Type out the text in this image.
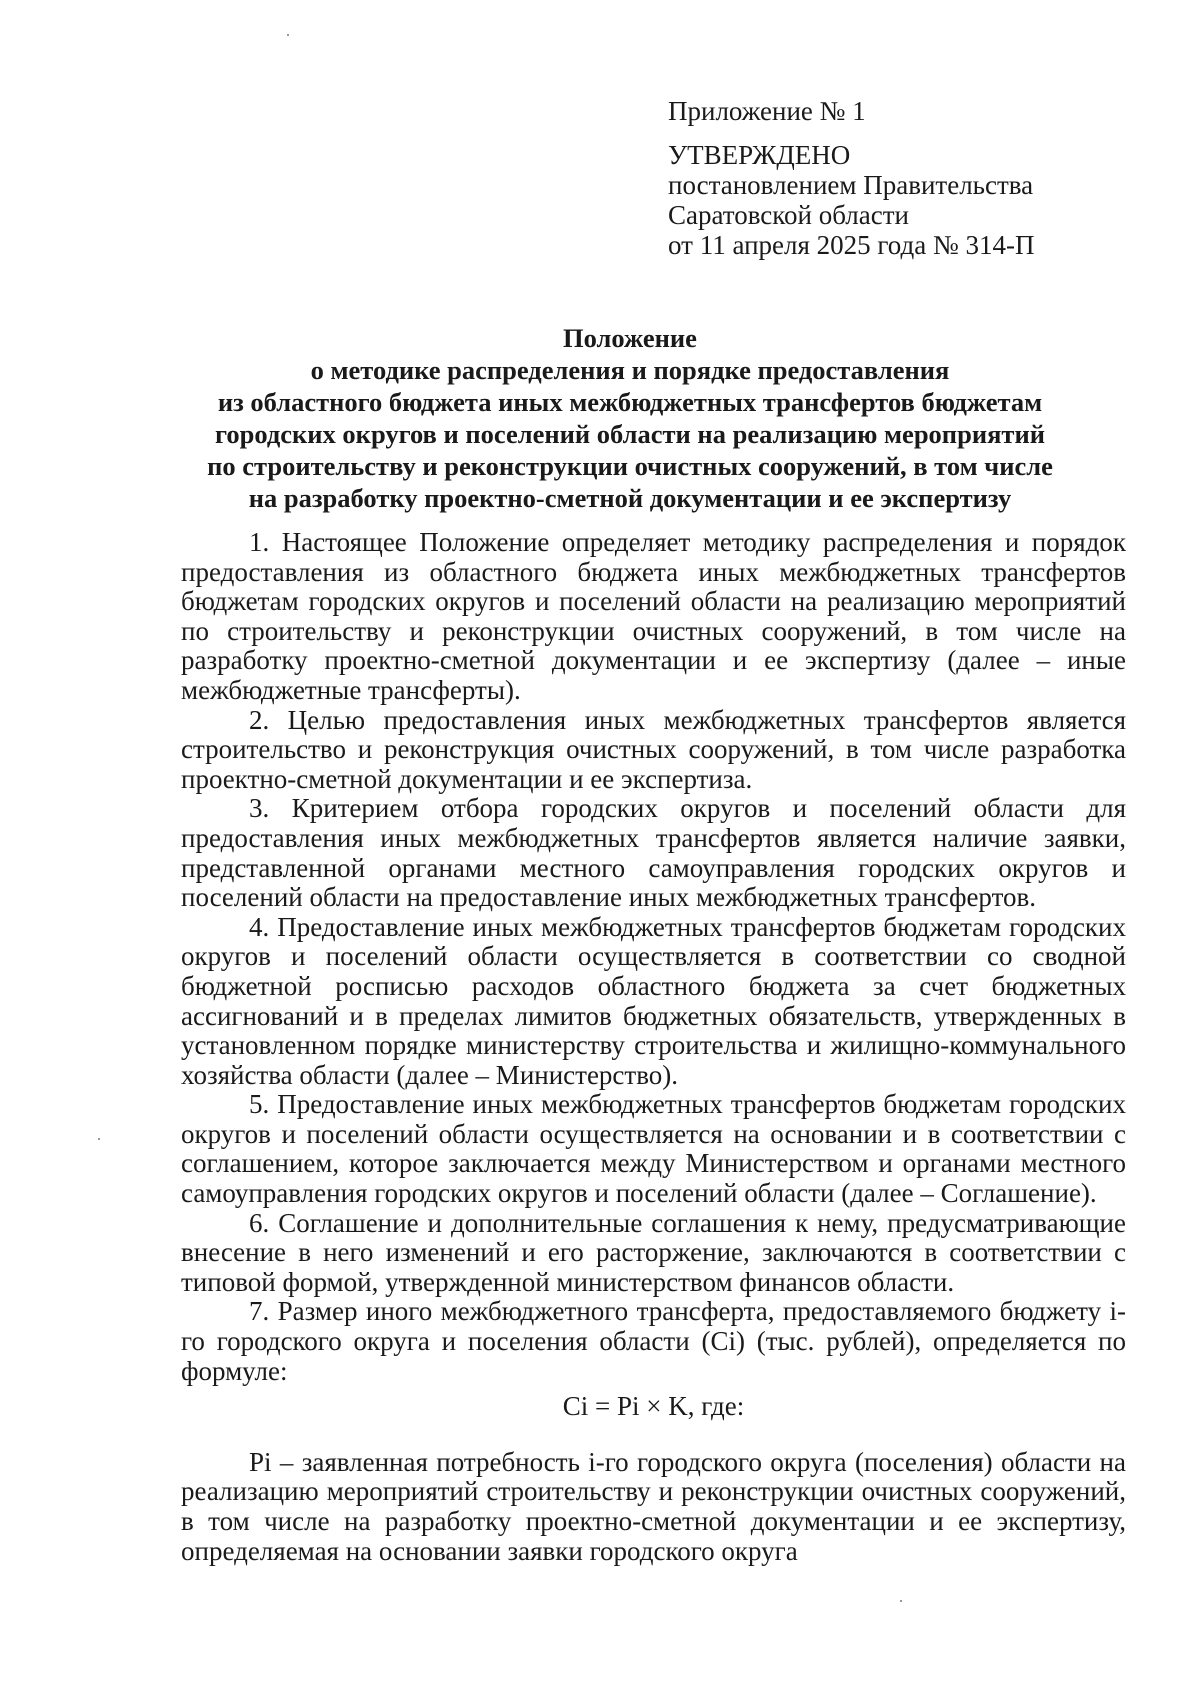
Приложение № 1
УТВЕРЖДЕНО
постановлением Правительства
Саратовской области
от 11 апреля 2025 года № 314-П
Положение
о методике распределения и порядке предоставления
из областного бюджета иных межбюджетных трансфертов бюджетам
городских округов и поселений области на реализацию мероприятий
по строительству и реконструкции очистных сооружений, в том числе
на разработку проектно-сметной документации и ее экспертизу

1. Настоящее Положение определяет методику распределения и порядок предоставления из областного бюджета иных межбюджетных трансфертов бюджетам городских округов и поселений области на реализацию мероприятий по строительству и реконструкции очистных сооружений, в том числе на разработку проектно-сметной документации и ее экспертизу (далее – иные межбюджетные трансферты).

2. Целью предоставления иных межбюджетных трансфертов является строительство и реконструкция очистных сооружений, в том числе разработка проектно-сметной документации и ее экспертиза.

3. Критерием отбора городских округов и поселений области для предоставления иных межбюджетных трансфертов является наличие заявки, представленной органами местного самоуправления городских округов и поселений области на предоставление иных межбюджетных трансфертов.

4. Предоставление иных межбюджетных трансфертов бюджетам городских округов и поселений области осуществляется в соответствии со сводной бюджетной росписью расходов областного бюджета за счет бюджетных ассигнований и в пределах лимитов бюджетных обязательств, утвержденных в установленном порядке министерству строительства и жилищно-коммунального хозяйства области (далее – Министерство).

5. Предоставление иных межбюджетных трансфертов бюджетам городских округов и поселений области осуществляется на основании и в соответствии с соглашением, которое заключается между Министерством и органами местного самоуправления городских округов и поселений области (далее – Соглашение).

6. Соглашение и дополнительные соглашения к нему, предусматривающие внесение в него изменений и его расторжение, заключаются в соответствии с типовой формой, утвержденной министерством финансов области.

7. Размер иного межбюджетного трансферта, предоставляемого бюджету i-го городского округа и поселения области (Ci) (тыс. рублей), определяется по формуле:

Ci = Pi × K, где:

Pi – заявленная потребность i-го городского округа (поселения) области на реализацию мероприятий строительству и реконструкции очистных сооружений, в том числе на разработку проектно-сметной документации и ее экспертизу, определяемая на основании заявки городского округа
